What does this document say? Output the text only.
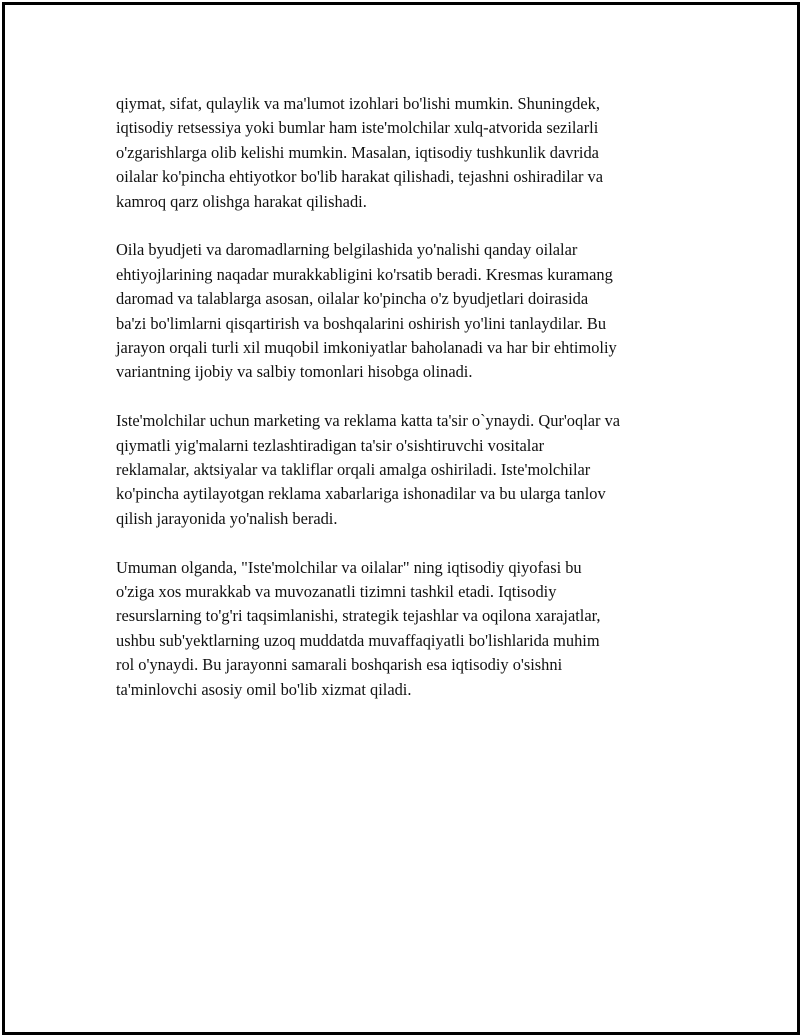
qiymat, sifat, qulaylik va ma'lumot izohlari bo'lishi mumkin. Shuningdek,
iqtisodiy retsessiya yoki bumlar ham iste'molchilar xulq-atvorida sezilarli
o'zgarishlarga olib kelishi mumkin. Masalan, iqtisodiy tushkunlik davrida
oilalar ko'pincha ehtiyotkor bo'lib harakat qilishadi, tejashni oshiradilar va
kamroq qarz olishga harakat qilishadi.

Oila byudjeti va daromadlarning belgilashida yo'nalishi qanday oilalar
ehtiyojlarining naqadar murakkabligini ko'rsatib beradi. Kresmas kuramang
daromad va talablarga asosan, oilalar ko'pincha o'z byudjetlari doirasida
ba'zi bo'limlarni qisqartirish va boshqalarini oshirish yo'lini tanlaydilar. Bu
jarayon orqali turli xil muqobil imkoniyatlar baholanadi va har bir ehtimoliy
variantning ijobiy va salbiy tomonlari hisobga olinadi.

Iste'molchilar uchun marketing va reklama katta ta'sir o`ynaydi. Qur'oqlar va
qiymatli yig'malarni tezlashtiradigan ta'sir o'sishtiruvchi vositalar
reklamalar, aktsiyalar va takliflar orqali amalga oshiriladi. Iste'molchilar
ko'pincha aytilayotgan reklama xabarlariga ishonadilar va bu ularga tanlov
qilish jarayonida yo'nalish beradi.

Umuman olganda, "Iste'molchilar va oilalar" ning iqtisodiy qiyofasi bu
o'ziga xos murakkab va muvozanatli tizimni tashkil etadi. Iqtisodiy
resurslarning to'g'ri taqsimlanishi, strategik tejashlar va oqilona xarajatlar,
ushbu sub'yektlarning uzoq muddatda muvaffaqiyatli bo'lishlarida muhim
rol o'ynaydi. Bu jarayonni samarali boshqarish esa iqtisodiy o'sishni
ta'minlovchi asosiy omil bo'lib xizmat qiladi.
